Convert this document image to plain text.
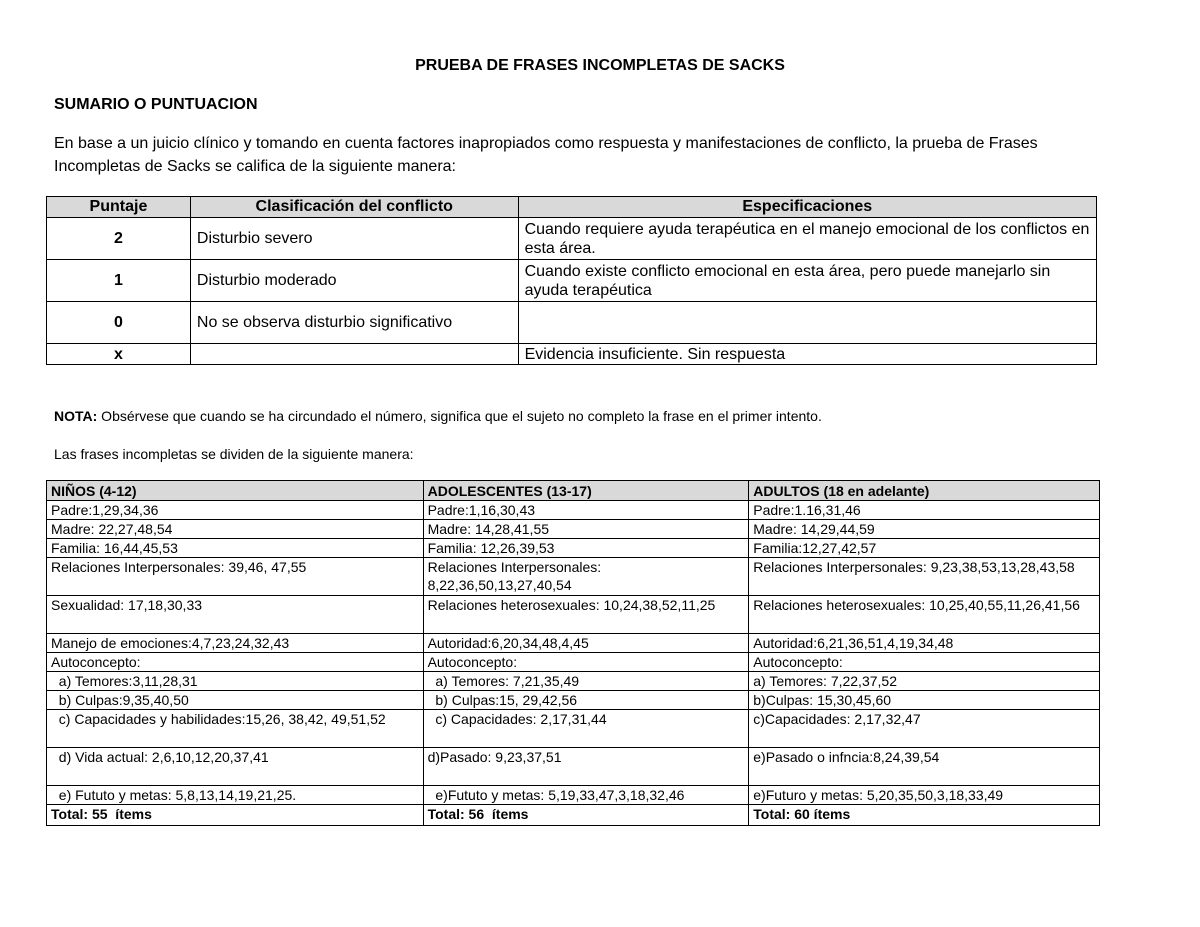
PRUEBA DE FRASES INCOMPLETAS DE SACKS
SUMARIO O PUNTUACION
En base a un juicio clínico y tomando en cuenta factores inapropiados como respuesta y manifestaciones de conflicto, la prueba de Frases Incompletas de Sacks se califica de la siguiente manera:
Puntaje	Clasificación del conflicto	Especificaciones
2	Disturbio severo	Cuando requiere ayuda terapéutica en el manejo emocional de los conflictos en esta área.
1	Disturbio moderado	Cuando existe conflicto emocional en esta área, pero puede manejarlo sin ayuda terapéutica
0	No se observa disturbio significativo	
x		Evidencia insuficiente. Sin respuesta
NOTA: Obsérvese que cuando se ha circundado el número, significa que el sujeto no completo la frase en el primer intento.
Las frases incompletas se dividen de la siguiente manera:
NIÑOS (4-12)	ADOLESCENTES (13-17)	ADULTOS (18 en adelante)
Padre:1,29,34,36	Padre:1,16,30,43	Padre:1.16,31,46
Madre: 22,27,48,54	Madre: 14,28,41,55	Madre: 14,29,44,59
Familia: 16,44,45,53	Familia: 12,26,39,53	Familia:12,27,42,57
Relaciones Interpersonales: 39,46, 47,55	Relaciones Interpersonales: 8,22,36,50,13,27,40,54	Relaciones Interpersonales: 9,23,38,53,13,28,43,58
Sexualidad: 17,18,30,33	Relaciones heterosexuales: 10,24,38,52,11,25	Relaciones heterosexuales: 10,25,40,55,11,26,41,56
Manejo de emociones:4,7,23,24,32,43	Autoridad:6,20,34,48,4,45	Autoridad:6,21,36,51,4,19,34,48
Autoconcepto:	Autoconcepto:	Autoconcepto:
a) Temores:3,11,28,31	a) Temores: 7,21,35,49	a) Temores: 7,22,37,52
b) Culpas:9,35,40,50	b) Culpas:15, 29,42,56	b)Culpas: 15,30,45,60
c) Capacidades y habilidades:15,26, 38,42, 49,51,52	c) Capacidades: 2,17,31,44	c)Capacidades: 2,17,32,47
d) Vida actual: 2,6,10,12,20,37,41	d)Pasado: 9,23,37,51	e)Pasado o infncia:8,24,39,54
e) Fututo y metas: 5,8,13,14,19,21,25.	e)Fututo y metas: 5,19,33,47,3,18,32,46	e)Futuro y metas: 5,20,35,50,3,18,33,49
Total: 55  ítems	Total: 56  ítems	Total: 60 ítems
